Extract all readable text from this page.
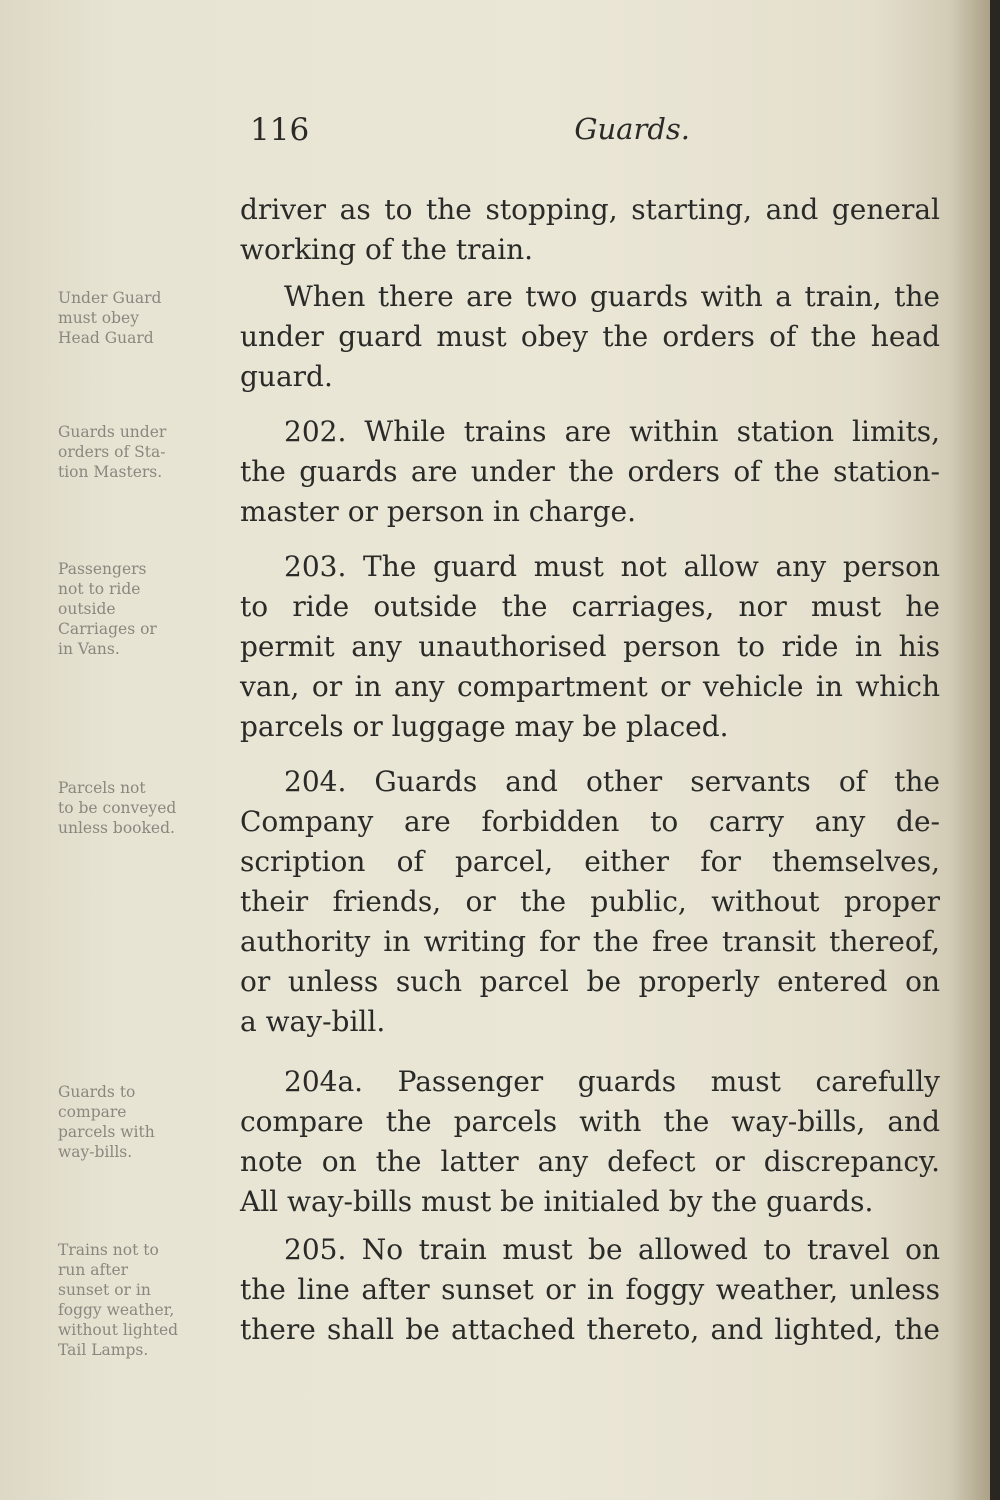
116	Guards.
driver as to the stopping, starting, and general
working of the train.
When there are two guards with a train, the
under guard must obey the orders of the head
guard.
202. While trains are within station limits,
the guards are under the orders of the station-
master or person in charge.
203. The guard must not allow any person
to ride outside the carriages, nor must he
permit any unauthorised person to ride in his
van, or in any compartment or vehicle in which
parcels or luggage may be placed.
204. Guards and other servants of the
Company are forbidden to carry any de-
scription of parcel, either for themselves,
their friends, or the public, without proper
authority in writing for the free transit thereof,
or unless such parcel be properly entered on
a way-bill.
204a. Passenger guards must carefully
compare the parcels with the way-bills, and
note on the latter any defect or discrepancy.
All way-bills must be initialed by the guards.
205. No train must be allowed to travel on
the line after sunset or in foggy weather, unless
there shall be attached thereto, and lighted, the
Under Guard
must obey
Head Guard
Guards under
orders of Sta-
tion Masters.
Passengers
not to ride
outside
Carriages or
in Vans.
Parcels not
to be conveyed
unless booked.
Guards to
compare
parcels with
way-bills.
Trains not to
run after
sunset or in
foggy weather,
without lighted
Tail Lamps.
